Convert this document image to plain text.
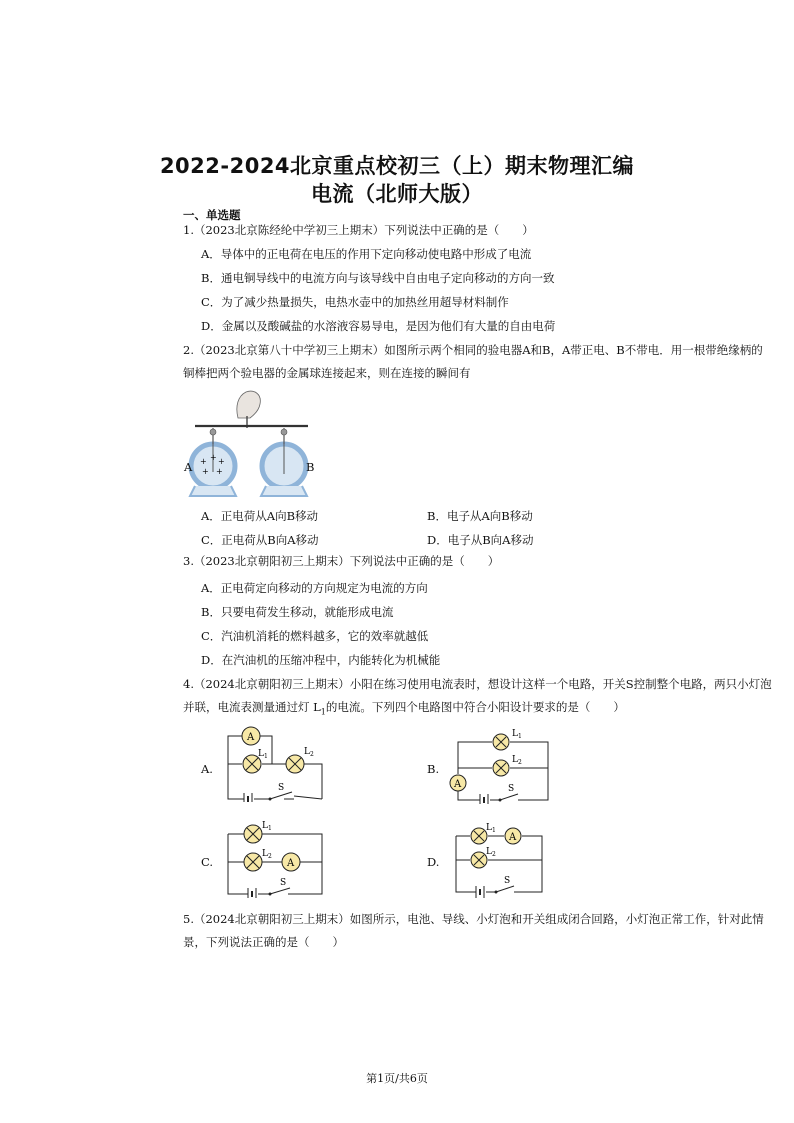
2022-2024北京重点校初三（上）期末物理汇编
电流（北师大版）
一、单选题
1.（2023北京陈经纶中学初三上期末）下列说法中正确的是（　　）
A．导体中的正电荷在电压的作用下定向移动使电路中形成了电流
B．通电铜导线中的电流方向与该导线中自由电子定向移动的方向一致
C．为了减少热量损失，电热水壶中的加热丝用超导材料制作
D．金属以及酸碱盐的水溶液容易导电，是因为他们有大量的自由电荷
2.（2023北京第八十中学初三上期末）如图所示两个相同的验电器A和B，A带正电、B不带电．用一根带绝缘柄的铜棒把两个验电器的金属球连接起来，则在连接的瞬间有
+ + +
+ +
A	B
A．正电荷从A向B移动	B．电子从A向B移动
C．正电荷从B向A移动	D．电子从B向A移动
3.（2023北京朝阳初三上期末）下列说法中正确的是（　　）
A．正电荷定向移动的方向规定为电流的方向
B．只要电荷发生移动，就能形成电流
C．汽油机消耗的燃料越多，它的效率就越低
D．在汽油机的压缩冲程中，内能转化为机械能
4.（2024北京朝阳初三上期末）小阳在练习使用电流表时，想设计这样一个电路，开关S控制整个电路，两只小灯泡并联，电流表测量通过灯 $L_1$的电流。下列四个电路图中符合小阳设计要求的是（　　）
A.	B.
C.	D.
A
L 1	L 2
S
L 1
L 2
A	S
L 1
L 2
A
S
L 1
A
L 2
S
5.（2024北京朝阳初三上期末）如图所示，电池、导线、小灯泡和开关组成闭合回路，小灯泡正常工作，针对此情景，下列说法正确的是（　　）
第1页/共6页
